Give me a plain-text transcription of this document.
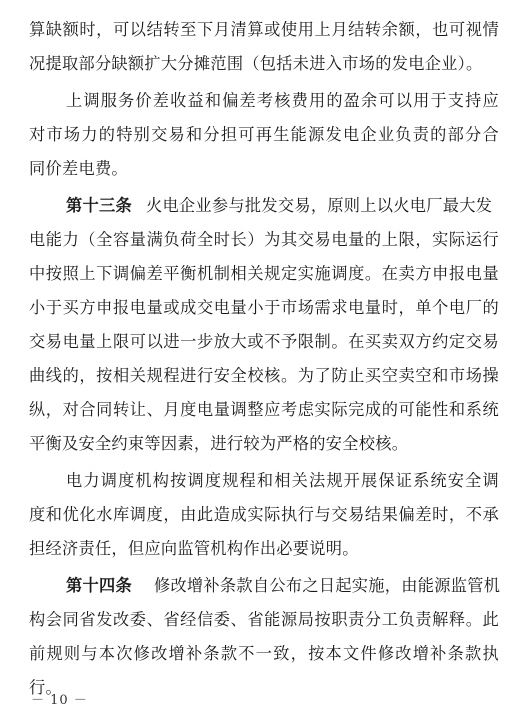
算缺额时，可以结转至下月清算或使用上月结转余额，也可视情
况提取部分缺额扩大分摊范围（包括未进入市场的发电企业）。
上调服务价差收益和偏差考核费用的盈余可以用于支持应
对市场力的特别交易和分担可再生能源发电企业负责的部分合
同价差电费。
第十三条 火电企业参与批发交易，原则上以火电厂最大发
电能力（全容量满负荷全时长）为其交易电量的上限，实际运行
中按照上下调偏差平衡机制相关规定实施调度。在卖方申报电量
小于买方申报电量或成交电量小于市场需求电量时，单个电厂的
交易电量上限可以进一步放大或不予限制。在买卖双方约定交易
曲线的，按相关规程进行安全校核。为了防止买空卖空和市场操
纵，对合同转让、月度电量调整应考虑实际完成的可能性和系统
平衡及安全约束等因素，进行较为严格的安全校核。
电力调度机构按调度规程和相关法规开展保证系统安全调
度和优化水库调度，由此造成实际执行与交易结果偏差时，不承
担经济责任，但应向监管机构作出必要说明。
第十四条 修改增补条款自公布之日起实施，由能源监管机
－ 10 －
构会同省发改委、省经信委、省能源局按职责分工负责解释。此
前规则与本次修改增补条款不一致，按本文件修改增补条款执
行。
